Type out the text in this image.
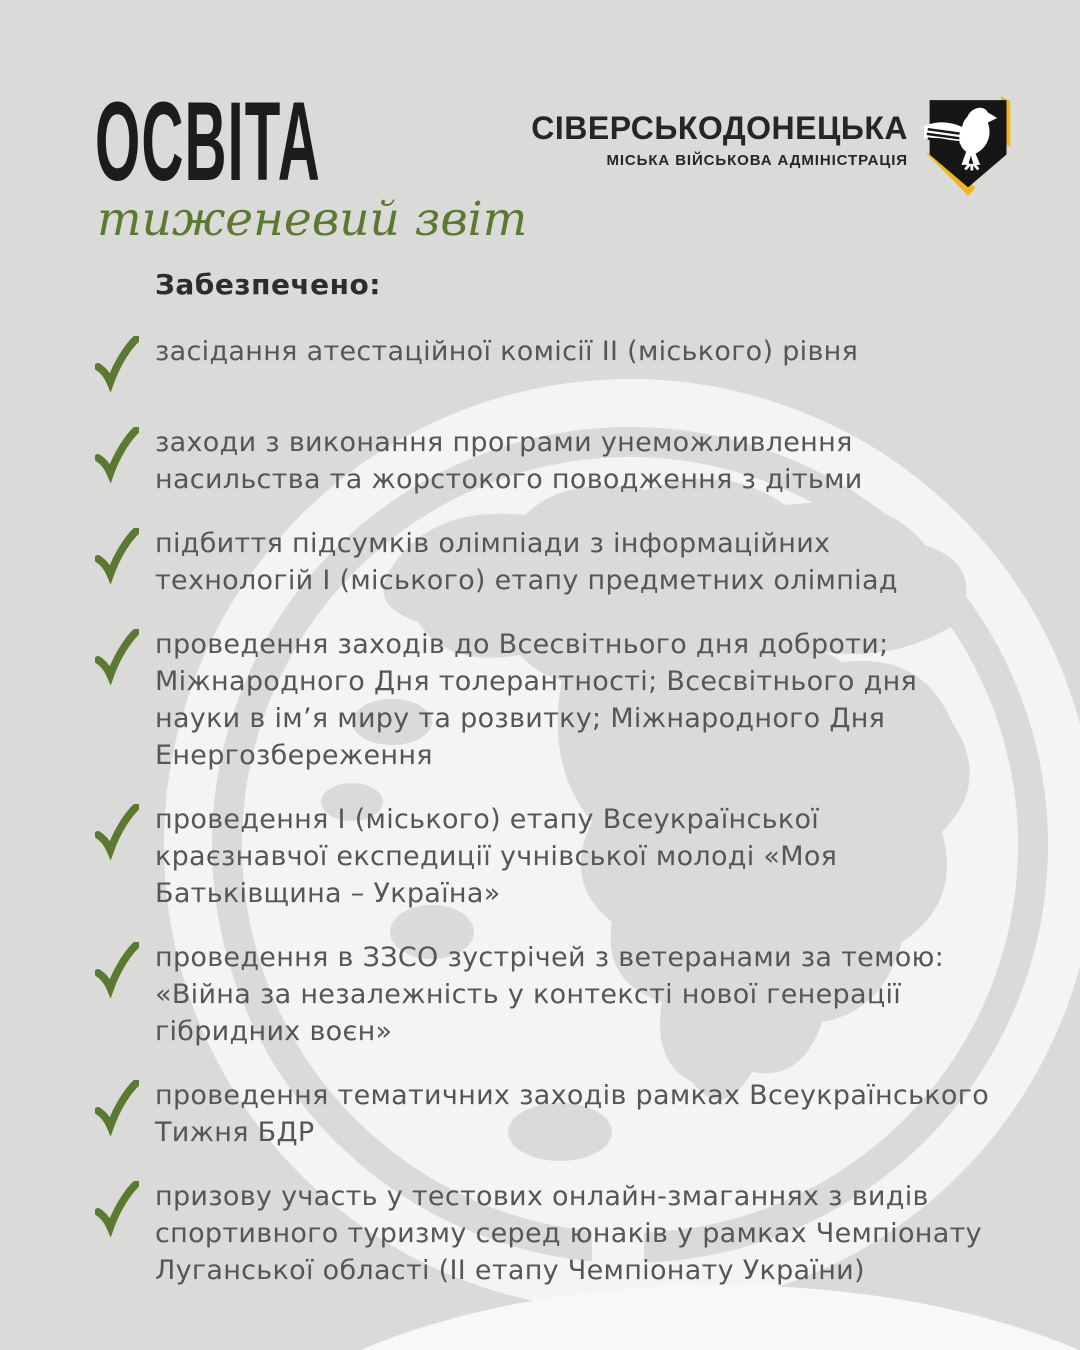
ОСВІТА
тиженевий звіт
СІВЕРСЬКОДОНЕЦЬКА
МІСЬКА ВІЙСЬКОВА АДМІНІСТРАЦІЯ
Забезпечено:
засідання атестаційної комісії ІІ (міського) рівня
заходи з виконання програми унеможливлення насильства та жорстокого поводження з дітьми
підбиття підсумків олімпіади з інформаційних технологій І (міського) етапу предметних олімпіад
проведення заходів до Всесвітнього дня доброти; Міжнародного Дня толерантності; Всесвітнього дня науки в ім’я миру та розвитку; Міжнародного Дня Енергозбереження
проведення І (міського) етапу Всеукраїнської краєзнавчої експедиції учнівської молоді «Моя Батьківщина – Україна»
проведення в ЗЗСО зустрічей з ветеранами за темою: «Війна за незалежність у контексті нової генерації гібридних воєн»
проведення тематичних заходів рамках Всеукраїнського Тижня БДР
призову участь у тестових онлайн-змаганнях з видів спортивного туризму серед юнаків у рамках Чемпіонату Луганської області (ІІ етапу Чемпіонату України)
